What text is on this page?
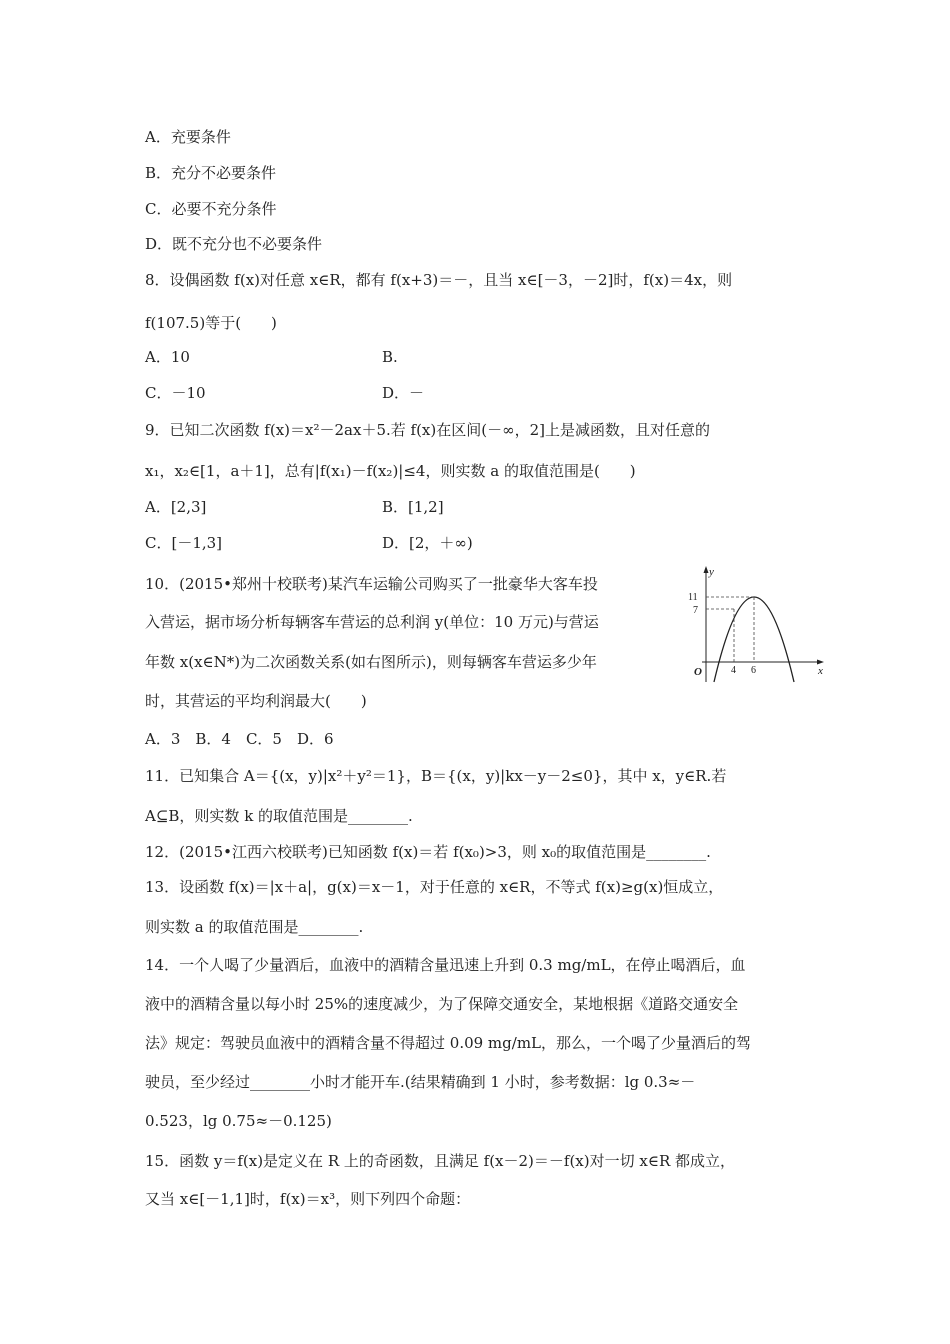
A．充要条件
B．充分不必要条件
C．必要不充分条件
D．既不充分也不必要条件
8．设偶函数 f(x)对任意 x∈R，都有 f(x+3)＝－，且当 x∈[－3，－2]时，f(x)＝4x，则
f(107.5)等于(　　)
A．10	B.
C．－10	D．－
9．已知二次函数 f(x)＝x²－2ax＋5.若 f(x)在区间(－∞，2]上是减函数，且对任意的
x₁，x₂∈[1，a＋1]，总有|f(x₁)－f(x₂)|≤4，则实数 a 的取值范围是(　　)
A．[2,3]	B．[1,2]
C．[－1,3]	D．[2，＋∞)
10．(2015•郑州十校联考)某汽车运输公司购买了一批豪华大客车投
入营运，据市场分析每辆客车营运的总利润 y(单位：10 万元)与营运
年数 x(x∈N*)为二次函数关系(如右图所示)，则每辆客车营运多少年
时，其营运的平均利润最大(　　)
A．3　B．4　C．5　D．6
y
x
O
11
7
4 6
11．已知集合 A＝{(x，y)|x²＋y²＝1}，B＝{(x，y)|kx－y－2≤0}，其中 x，y∈R.若
A⊆B，则实数 k 的取值范围是________.
12．(2015•江西六校联考)已知函数 f(x)＝若 f(x₀)>3，则 x₀的取值范围是________.
13．设函数 f(x)＝|x＋a|，g(x)＝x－1，对于任意的 x∈R，不等式 f(x)≥g(x)恒成立，
则实数 a 的取值范围是________.
14．一个人喝了少量酒后，血液中的酒精含量迅速上升到 0.3 mg/mL，在停止喝酒后，血
液中的酒精含量以每小时 25%的速度减少，为了保障交通安全，某地根据《道路交通安全
法》规定：驾驶员血液中的酒精含量不得超过 0.09 mg/mL，那么，一个喝了少量酒后的驾
驶员，至少经过________小时才能开车.(结果精确到 1 小时，参考数据：lg 0.3≈－
0.523，lg 0.75≈－0.125)
15．函数 y＝f(x)是定义在 R 上的奇函数，且满足 f(x－2)＝－f(x)对一切 x∈R 都成立，
又当 x∈[－1,1]时，f(x)＝x³，则下列四个命题：
